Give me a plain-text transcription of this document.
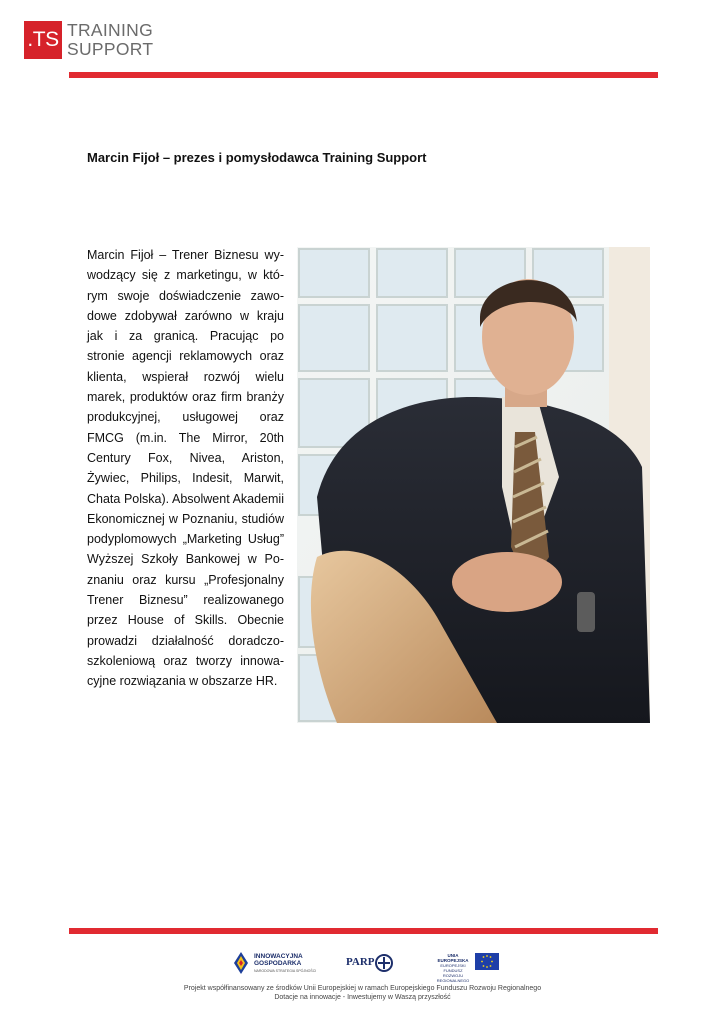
.TS TRAINING
SUPPORT
Marcin Fijoł – prezes i pomysłodawca Training Support
Marcin Fijoł – Trener Biznesu wywodzący się z marketingu, w którym swoje doświadczenie zawodowe zdobywał zarówno w kraju jak i za granicą. Pracując po stronie agencji reklamowych oraz klienta, wspierał rozwój wielu marek, produktów oraz firm branży produkcyjnej, usługowej oraz FMCG (m.in. The Mirror, 20th Century Fox, Nivea, Ariston, Żywiec, Philips, Indesit, Marwit, Chata Polska). Absolwent Akademii Ekonomicznej w Poznaniu, studiów podyplomowych „Marketing Usług” Wyższej Szkoły Bankowej w Poznaniu oraz kursu „Profesjonalny Trener Biznesu” realizowanego przez House of Skills. Obecnie prowadzi działalność doradczo-szkoleniową oraz tworzy innowacyjne rozwiązania w obszarze HR.
INNOWACYJNA
GOSPODARKA
NARODOWA STRATEGIA SPÓJNOŚCI
PARP
UNIA EUROPEJSKA
EUROPEJSKI FUNDUSZ ROZWOJU REGIONALNEGO
Projekt współfinansowany ze środków Unii Europejskiej w ramach Europejskiego Funduszu Rozwoju Regionalnego
Dotacje na innowacje - Inwestujemy w Waszą przyszłość
